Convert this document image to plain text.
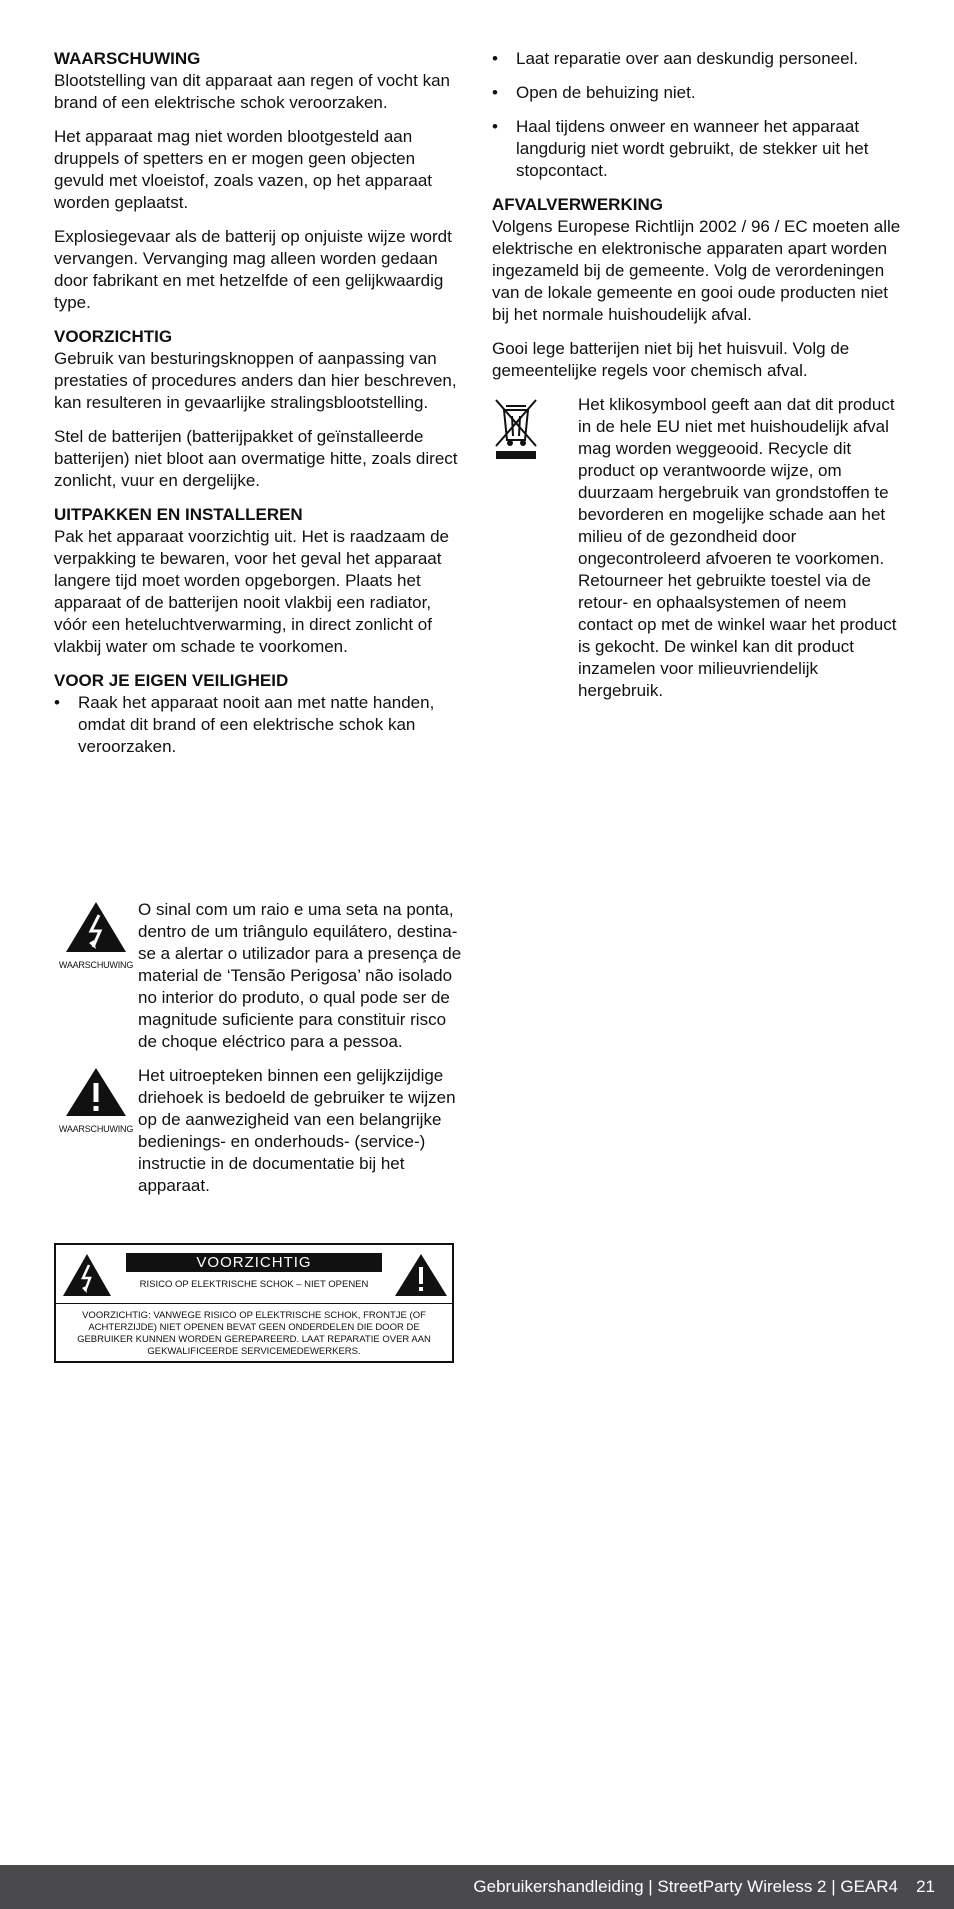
WAARSCHUWING

Blootstelling van dit apparaat aan regen of vocht kan brand of een elektrische schok veroorzaken.

Het apparaat mag niet worden blootgesteld aan druppels of spetters en er mogen geen objecten gevuld met vloeistof, zoals vazen, op het apparaat worden geplaatst.

Explosiegevaar als de batterij op onjuiste wijze wordt vervangen. Vervanging mag alleen worden gedaan door fabrikant en met hetzelfde of een gelijkwaardig type.

VOORZICHTIG

Gebruik van besturingsknoppen of aanpassing van prestaties of procedures anders dan hier beschreven, kan resulteren in gevaarlijke stralingsblootstelling.

Stel de batterijen (batterijpakket of geïnstalleerde batterijen) niet bloot aan overmatige hitte, zoals direct zonlicht, vuur en dergelijke.

UITPAKKEN EN INSTALLEREN

Pak het apparaat voorzichtig uit. Het is raadzaam de verpakking te bewaren, voor het geval het apparaat langere tijd moet worden opgeborgen. Plaats het apparaat of de batterijen nooit vlakbij een radiator, vóór een heteluchtverwarming, in direct zonlicht of vlakbij water om schade te voorkomen.

VOOR JE EIGEN VEILIGHEID
• Raak het apparaat nooit aan met natte handen, omdat dit brand of een elektrische schok kan veroorzaken.
• Laat reparatie over aan deskundig personeel.
• Open de behuizing niet.
• Haal tijdens onweer en wanneer het apparaat langdurig niet wordt gebruikt, de stekker uit het stopcontact.
AFVALVERWERKING

Volgens Europese Richtlijn 2002 / 96 / EC moeten alle elektrische en elektronische apparaten apart worden ingezameld bij de gemeente. Volg de verordeningen van de lokale gemeente en gooi oude producten niet bij het normale huishoudelijk afval.

Gooi lege batterijen niet bij het huisvuil. Volg de gemeentelijke regels voor chemisch afval.

Het klikosymbool geeft aan dat dit product in de hele EU niet met huishoudelijk afval mag worden weggeooid. Recycle dit product op verantwoorde wijze, om duurzaam hergebruik van grondstoffen te bevorderen en mogelijke schade aan het milieu of de gezondheid door ongecontroleerd afvoeren te voorkomen. Retourneer het gebruikte toestel via de retour- en ophaalsystemen of neem contact op met de winkel waar het product is gekocht. De winkel kan dit product inzamelen voor milieuvriendelijk hergebruik.
WAARSCHUWING
O sinal com um raio e uma seta na ponta, dentro de um triângulo equilátero, destina-se a alertar o utilizador para a presença de material de ‘Tensão Perigosa’ não isolado no interior do produto, o qual pode ser de magnitude suficiente para constituir risco de choque eléctrico para a pessoa.
WAARSCHUWING
Het uitroepteken binnen een gelijkzijdige driehoek is bedoeld de gebruiker te wijzen op de aanwezigheid van een belangrijke bedienings- en onderhouds- (service-) instructie in de documentatie bij het apparaat.
VOORZICHTIG
RISICO OP ELEKTRISCHE SCHOK – NIET OPENEN
VOORZICHTIG: VANWEGE RISICO OP ELEKTRISCHE SCHOK, FRONTJE (OF ACHTERZIJDE) NIET OPENEN BEVAT GEEN ONDERDELEN DIE DOOR DE GEBRUIKER KUNNEN WORDEN GEREPAREERD. LAAT REPARATIE OVER AAN GEKWALIFICEERDE SERVICEMEDEWERKERS.
Gebruikershandleiding | StreetParty Wireless 2 | GEAR4 21
